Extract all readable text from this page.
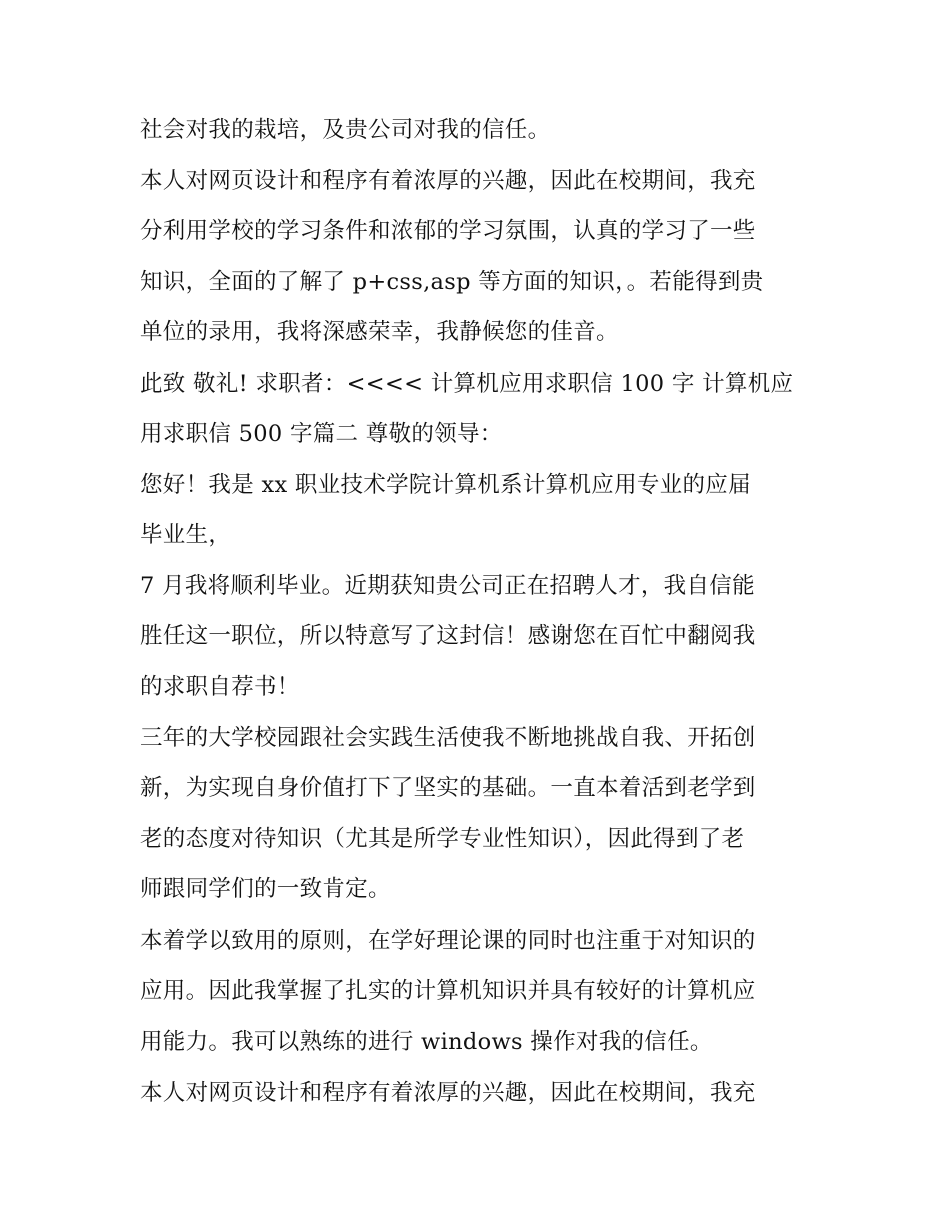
社会对我的栽培，及贵公司对我的信任。
本人对网页设计和程序有着浓厚的兴趣，因此在校期间，我充
分利用学校的学习条件和浓郁的学习氛围，认真的学习了一些
知识，全面的了解了 p+css,asp 等方面的知识，。若能得到贵
单位的录用，我将深感荣幸，我静候您的佳音。
此致 敬礼! 求职者：<<<< 计算机应用求职信 100 字 计算机应
用求职信 500 字篇二 尊敬的领导：
您好！我是 xx 职业技术学院计算机系计算机应用专业的应届
毕业生，
7 月我将顺利毕业。近期获知贵公司正在招聘人才，我自信能
胜任这一职位，所以特意写了这封信！感谢您在百忙中翻阅我
的求职自荐书！
三年的大学校园跟社会实践生活使我不断地挑战自我、开拓创
新，为实现自身价值打下了坚实的基础。一直本着活到老学到
老的态度对待知识（尤其是所学专业性知识），因此得到了老
师跟同学们的一致肯定。
本着学以致用的原则，在学好理论课的同时也注重于对知识的
应用。因此我掌握了扎实的计算机知识并具有较好的计算机应
用能力。我可以熟练的进行 windows 操作对我的信任。
本人对网页设计和程序有着浓厚的兴趣，因此在校期间，我充
